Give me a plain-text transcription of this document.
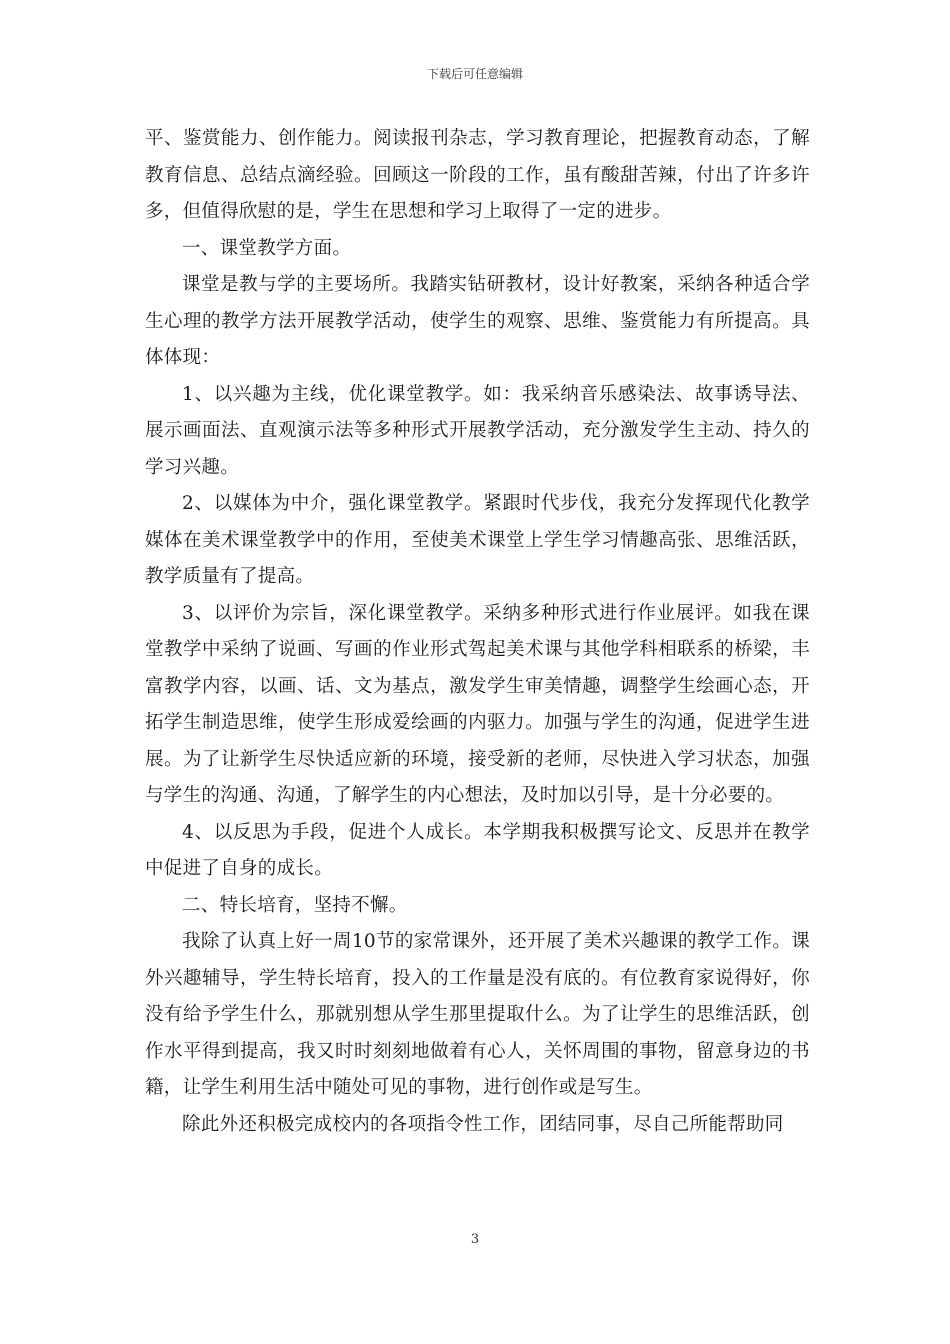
下载后可任意编辑

平、鉴赏能力、创作能力。阅读报刊杂志，学习教育理论，把握教育动态，了解教育信息、总结点滴经验。回顾这一阶段的工作，虽有酸甜苦辣，付出了许多许多，但值得欣慰的是，学生在思想和学习上取得了一定的进步。

一、课堂教学方面。

课堂是教与学的主要场所。我踏实钻研教材，设计好教案，采纳各种适合学生心理的教学方法开展教学活动，使学生的观察、思维、鉴赏能力有所提高。具体体现：

1、以兴趣为主线，优化课堂教学。如：我采纳音乐感染法、故事诱导法、展示画面法、直观演示法等多种形式开展教学活动，充分激发学生主动、持久的学习兴趣。

2、以媒体为中介，强化课堂教学。紧跟时代步伐，我充分发挥现代化教学媒体在美术课堂教学中的作用，至使美术课堂上学生学习情趣高张、思维活跃，教学质量有了提高。

3、以评价为宗旨，深化课堂教学。采纳多种形式进行作业展评。如我在课堂教学中采纳了说画、写画的作业形式驾起美术课与其他学科相联系的桥梁，丰富教学内容，以画、话、文为基点，激发学生审美情趣，调整学生绘画心态，开拓学生制造思维，使学生形成爱绘画的内驱力。加强与学生的沟通，促进学生进展。为了让新学生尽快适应新的环境，接受新的老师，尽快进入学习状态，加强与学生的沟通、沟通，了解学生的内心想法，及时加以引导，是十分必要的。

4、以反思为手段，促进个人成长。本学期我积极撰写论文、反思并在教学中促进了自身的成长。

二、特长培育，坚持不懈。

我除了认真上好一周10节的家常课外，还开展了美术兴趣课的教学工作。课外兴趣辅导，学生特长培育，投入的工作量是没有底的。有位教育家说得好，你没有给予学生什么，那就别想从学生那里提取什么。为了让学生的思维活跃，创作水平得到提高，我又时时刻刻地做着有心人，关怀周围的事物，留意身边的书籍，让学生利用生活中随处可见的事物，进行创作或是写生。

除此外还积极完成校内的各项指令性工作，团结同事，尽自己所能帮助同

3
